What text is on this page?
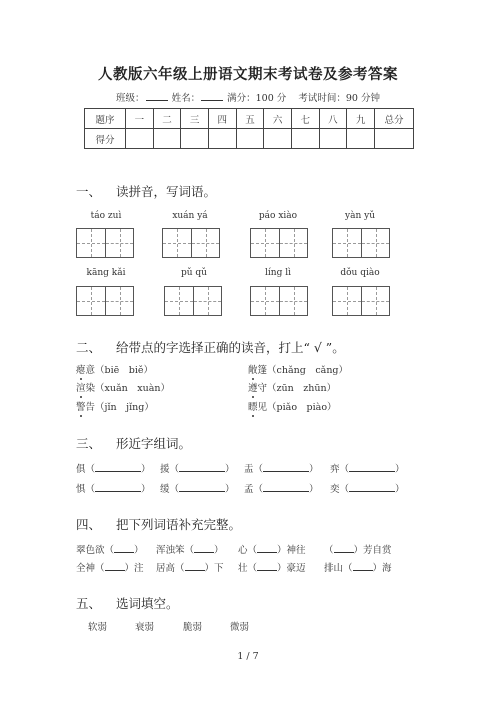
人教版六年级上册语文期末考试卷及参考答案
班级：	姓名：	满分：100 分 考试时间：90 分钟
题序	一	二	三	四	五	六	七	八	九	总分
得分										
一、 读拼音，写词语。
táo zuì	xuán yá	páo xiào	yàn yǔ
kāng kǎi	pǔ qǔ	líng lì	dǒu qiào
二、 给带点的字选择正确的读音，打上“ √ ”。
瘪意（biē　biě）	敞篷（chǎng　cǎng）
渲染（xuǎn　xuàn）	遵守（zūn　zhūn）
警告（jǐn　jǐng）	瞟见（piǎo　piào）
三、 形近字组词。
俱（	） 援（	） 盂（	） 弈（	）
惧（	） 缓（	） 孟（	） 奕（	）
四、 把下列词语补充完整。
翠色欲（ ） 浑浊笨（ ） 心（ ）神往 （ ）芳自赏
全神（ ）注 居高（ ）下 壮（ ）豪迈 排山（ ）海
五、 选词填空。
软弱	衰弱	脆弱	微弱
1 / 7
